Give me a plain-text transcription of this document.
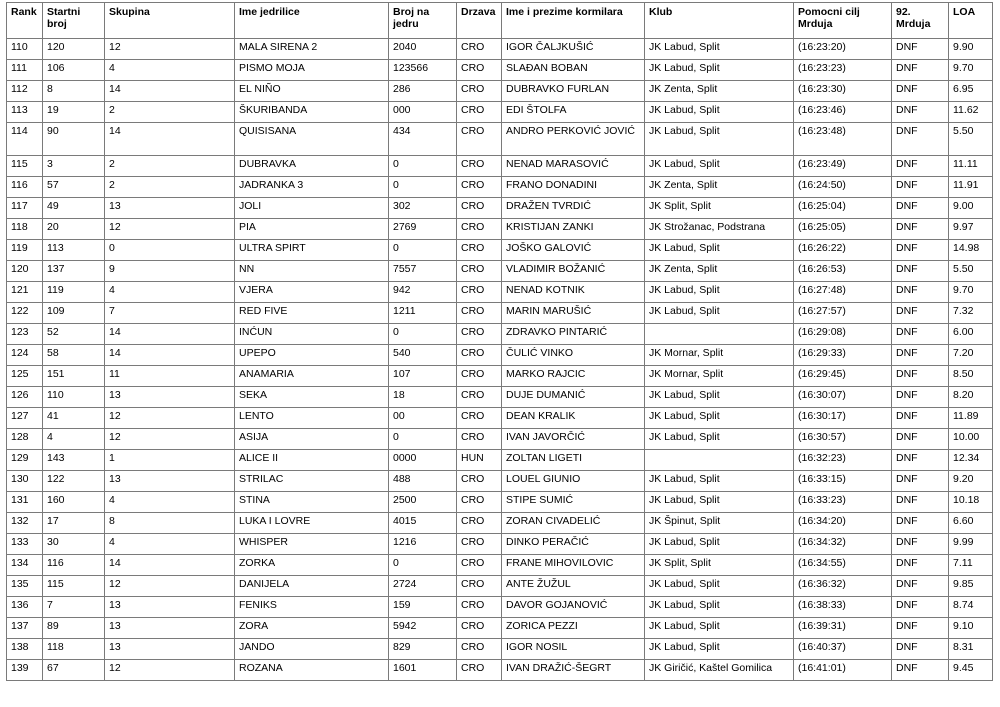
Rank	Startni broj	Skupina	Ime jedrilice	Broj na jedru	Drzava	Ime i prezime kormilara	Klub	Pomocni cilj Mrduja	92. Mrduja	LOA
110	120	12	MALA SIRENA 2	2040	CRO	IGOR ČALJKUŠIĆ	JK Labud, Split	(16:23:20)	DNF	9.90
111	106	4	PISMO MOJA	123566	CRO	SLAĐAN BOBAN	JK Labud, Split	(16:23:23)	DNF	9.70
112	8	14	EL NIÑO	286	CRO	DUBRAVKO FURLAN	JK Zenta, Split	(16:23:30)	DNF	6.95
113	19	2	ŠKURIBANDA	000	CRO	EDI ŠTOLFA	JK Labud, Split	(16:23:46)	DNF	11.62
114	90	14	QUISISANA	434	CRO	ANDRO PERKOVIĆ JOVIĆ	JK Labud, Split	(16:23:48)	DNF	5.50
115	3	2	DUBRAVKA	0	CRO	NENAD MARASOVIĆ	JK Labud, Split	(16:23:49)	DNF	11.11
116	57	2	JADRANKA 3	0	CRO	FRANO DONADINI	JK Zenta, Split	(16:24:50)	DNF	11.91
117	49	13	JOLI	302	CRO	DRAŽEN TVRDIĆ	JK Split, Split	(16:25:04)	DNF	9.00
118	20	12	PIA	2769	CRO	KRISTIJAN ZANKI	JK Strožanac, Podstrana	(16:25:05)	DNF	9.97
119	113	0	ULTRA SPIRT	0	CRO	JOŠKO GALOVIĆ	JK Labud, Split	(16:26:22)	DNF	14.98
120	137	9	NN	7557	CRO	VLADIMIR BOŽANIĆ	JK Zenta, Split	(16:26:53)	DNF	5.50
121	119	4	VJERA	942	CRO	NENAD KOTNIK	JK Labud, Split	(16:27:48)	DNF	9.70
122	109	7	RED FIVE	1211	CRO	MARIN MARUŠIĆ	JK Labud, Split	(16:27:57)	DNF	7.32
123	52	14	INĆUN	0	CRO	ZDRAVKO PINTARIĆ		(16:29:08)	DNF	6.00
124	58	14	UPEPO	540	CRO	ČULIĆ VINKO	JK Mornar, Split	(16:29:33)	DNF	7.20
125	151	11	ANAMARIA	107	CRO	MARKO RAJCIC	JK Mornar, Split	(16:29:45)	DNF	8.50
126	110	13	SEKA	18	CRO	DUJE DUMANIĆ	JK Labud, Split	(16:30:07)	DNF	8.20
127	41	12	LENTO	00	CRO	DEAN KRALIK	JK Labud, Split	(16:30:17)	DNF	11.89
128	4	12	ASIJA	0	CRO	IVAN JAVORČIĆ	JK Labud, Split	(16:30:57)	DNF	10.00
129	143	1	ALICE II	0000	HUN	ZOLTAN LIGETI		(16:32:23)	DNF	12.34
130	122	13	STRILAC	488	CRO	LOUEL GIUNIO	JK Labud, Split	(16:33:15)	DNF	9.20
131	160	4	STINA	2500	CRO	STIPE SUMIĆ	JK Labud, Split	(16:33:23)	DNF	10.18
132	17	8	LUKA I LOVRE	4015	CRO	ZORAN CIVADELIĆ	JK Špinut, Split	(16:34:20)	DNF	6.60
133	30	4	WHISPER	1216	CRO	DINKO PERAČIĆ	JK Labud, Split	(16:34:32)	DNF	9.99
134	116	14	ZORKA	0	CRO	FRANE MIHOVILOVIC	JK Split, Split	(16:34:55)	DNF	7.11
135	115	12	DANIJELA	2724	CRO	ANTE ŽUŽUL	JK Labud, Split	(16:36:32)	DNF	9.85
136	7	13	FENIKS	159	CRO	DAVOR GOJANOVIĆ	JK Labud, Split	(16:38:33)	DNF	8.74
137	89	13	ZORA	5942	CRO	ZORICA PEZZI	JK Labud, Split	(16:39:31)	DNF	9.10
138	118	13	JANDO	829	CRO	IGOR NOSIL	JK Labud, Split	(16:40:37)	DNF	8.31
139	67	12	ROZANA	1601	CRO	IVAN DRAŽIĆ-ŠEGRT	JK Giričić, Kaštel Gomilica	(16:41:01)	DNF	9.45
